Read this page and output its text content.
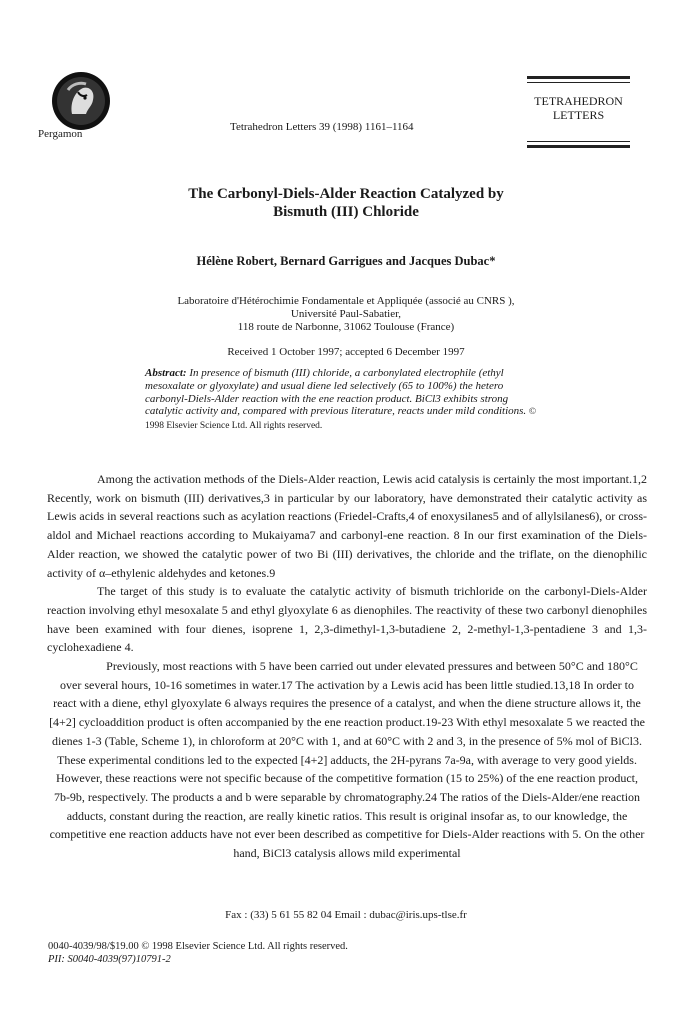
Pergamon
Tetrahedron Letters 39 (1998) 1161–1164
TETRAHEDRON
LETTERS
The Carbonyl-Diels-Alder Reaction Catalyzed by
Bismuth (III) Chloride
Hélène Robert, Bernard Garrigues and Jacques Dubac*
Laboratoire d'Hétérochimie Fondamentale et Appliquée (associé au CNRS ),
Université Paul-Sabatier,
118 route de Narbonne, 31062 Toulouse (France)
Received 1 October 1997; accepted 6 December 1997
Abstract: In presence of bismuth (III) chloride, a carbonylated electrophile (ethyl mesoxalate or glyoxylate) and usual diene led selectively (65 to 100%) the hetero carbonyl-Diels-Alder reaction with the ene reaction product. BiCl3 exhibits strong catalytic activity and, compared with previous literature, reacts under mild conditions. © 1998 Elsevier Science Ltd. All rights reserved.

Among the activation methods of the Diels-Alder reaction, Lewis acid catalysis is certainly the most important.1,2 Recently, work on bismuth (III) derivatives,3 in particular by our laboratory, have demonstrated their catalytic activity as Lewis acids in several reactions such as acylation reactions (Friedel-Crafts,4 of enoxysilanes5 and of allylsilanes6), or cross-aldol and Michael reactions according to Mukaiyama7 and carbonyl-ene reaction. 8 In our first examination of the Diels-Alder reaction, we showed the catalytic power of two Bi (III) derivatives, the chloride and the triflate, on the dienophilic activity of α–ethylenic aldehydes and ketones.9

The target of this study is to evaluate the catalytic activity of bismuth trichloride on the carbonyl-Diels-Alder reaction involving ethyl mesoxalate 5 and ethyl glyoxylate 6 as dienophiles. The reactivity of these two carbonyl dienophiles have been examined with four dienes, isoprene 1, 2,3-dimethyl-1,3-butadiene 2, 2-methyl-1,3-pentadiene 3 and 1,3-cyclohexadiene 4.

Previously, most reactions with 5 have been carried out under elevated pressures and between 50°C and 180°C over several hours, 10-16 sometimes in water.17 The activation by a Lewis acid has been little studied.13,18 In order to react with a diene, ethyl glyoxylate 6 always requires the presence of a catalyst, and when the diene structure allows it, the [4+2] cycloaddition product is often accompanied by the ene reaction product.19-23 With ethyl mesoxalate 5 we reacted the dienes 1-3 (Table, Scheme 1), in chloroform at 20°C with 1, and at 60°C with 2 and 3, in the presence of 5% mol of BiCl3. These experimental conditions led to the expected [4+2] adducts, the 2H-pyrans 7a-9a, with average to very good yields. However, these reactions were not specific because of the competitive formation (15 to 25%) of the ene reaction product, 7b-9b, respectively. The products a and b were separable by chromatography.24 The ratios of the Diels-Alder/ene reaction adducts, constant during the reaction, are really kinetic ratios. This result is original insofar as, to our knowledge, the competitive ene reaction adducts have not ever been described as competitive for Diels-Alder reactions with 5. On the other hand, BiCl3 catalysis allows mild experimental

Fax : (33) 5 61 55 82 04 Email : dubac@iris.ups-tlse.fr
0040-4039/98/$19.00 © 1998 Elsevier Science Ltd. All rights reserved.
PII: S0040-4039(97)10791-2
